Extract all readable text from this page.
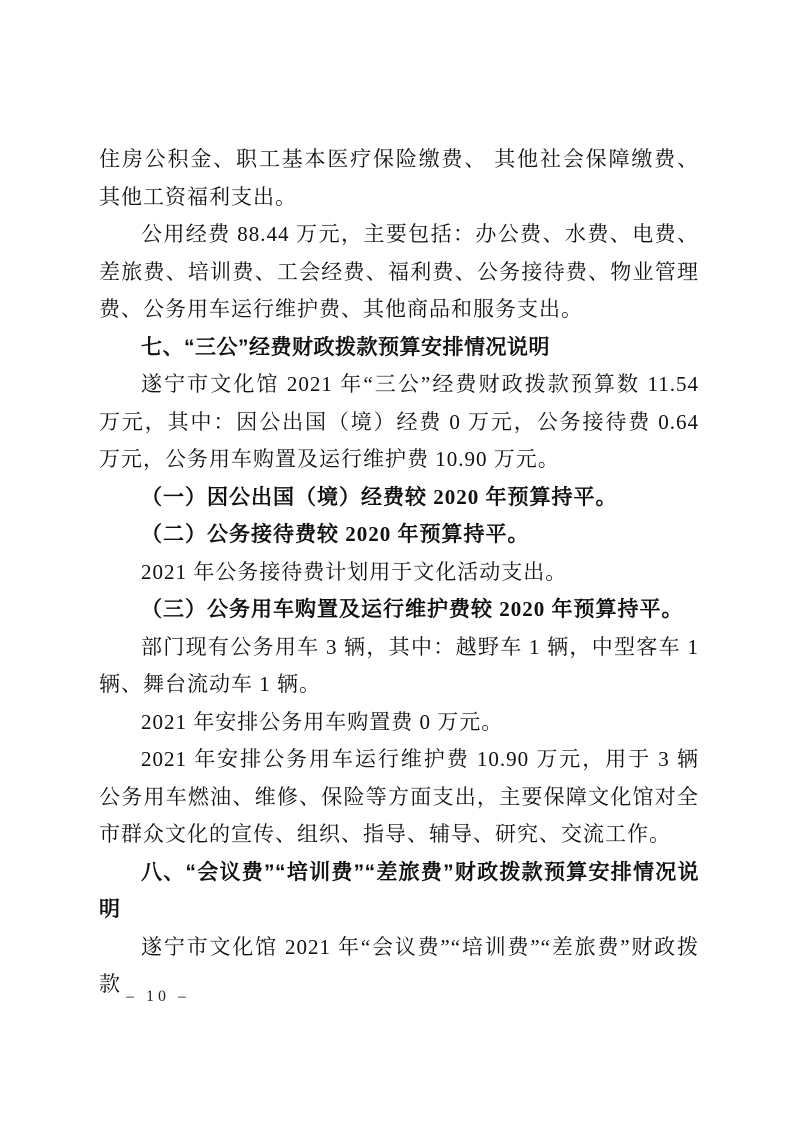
住房公积金、职工基本医疗保险缴费、 其他社会保障缴费、其他工资福利支出。

公用经费 88.44 万元，主要包括：办公费、水费、电费、差旅费、培训费、工会经费、福利费、公务接待费、物业管理费、公务用车运行维护费、其他商品和服务支出。

七、“三公”经费财政拨款预算安排情况说明

遂宁市文化馆 2021 年“三公”经费财政拨款预算数 11.54 万元，其中：因公出国（境）经费 0 万元，公务接待费 0.64 万元，公务用车购置及运行维护费 10.90 万元。

（一）因公出国（境）经费较 2020 年预算持平。

（二）公务接待费较 2020 年预算持平。

2021 年公务接待费计划用于文化活动支出。

（三）公务用车购置及运行维护费较 2020 年预算持平。

部门现有公务用车 3 辆，其中：越野车 1 辆，中型客车 1 辆、舞台流动车 1 辆。

2021 年安排公务用车购置费 0 万元。

2021 年安排公务用车运行维护费 10.90 万元，用于 3 辆公务用车燃油、维修、保险等方面支出，主要保障文化馆对全市群众文化的宣传、组织、指导、辅导、研究、交流工作。

八、“会议费”“培训费”“差旅费”财政拨款预算安排情况说明

遂宁市文化馆 2021 年“会议费”“培训费”“差旅费”财政拨款

– 10 –
